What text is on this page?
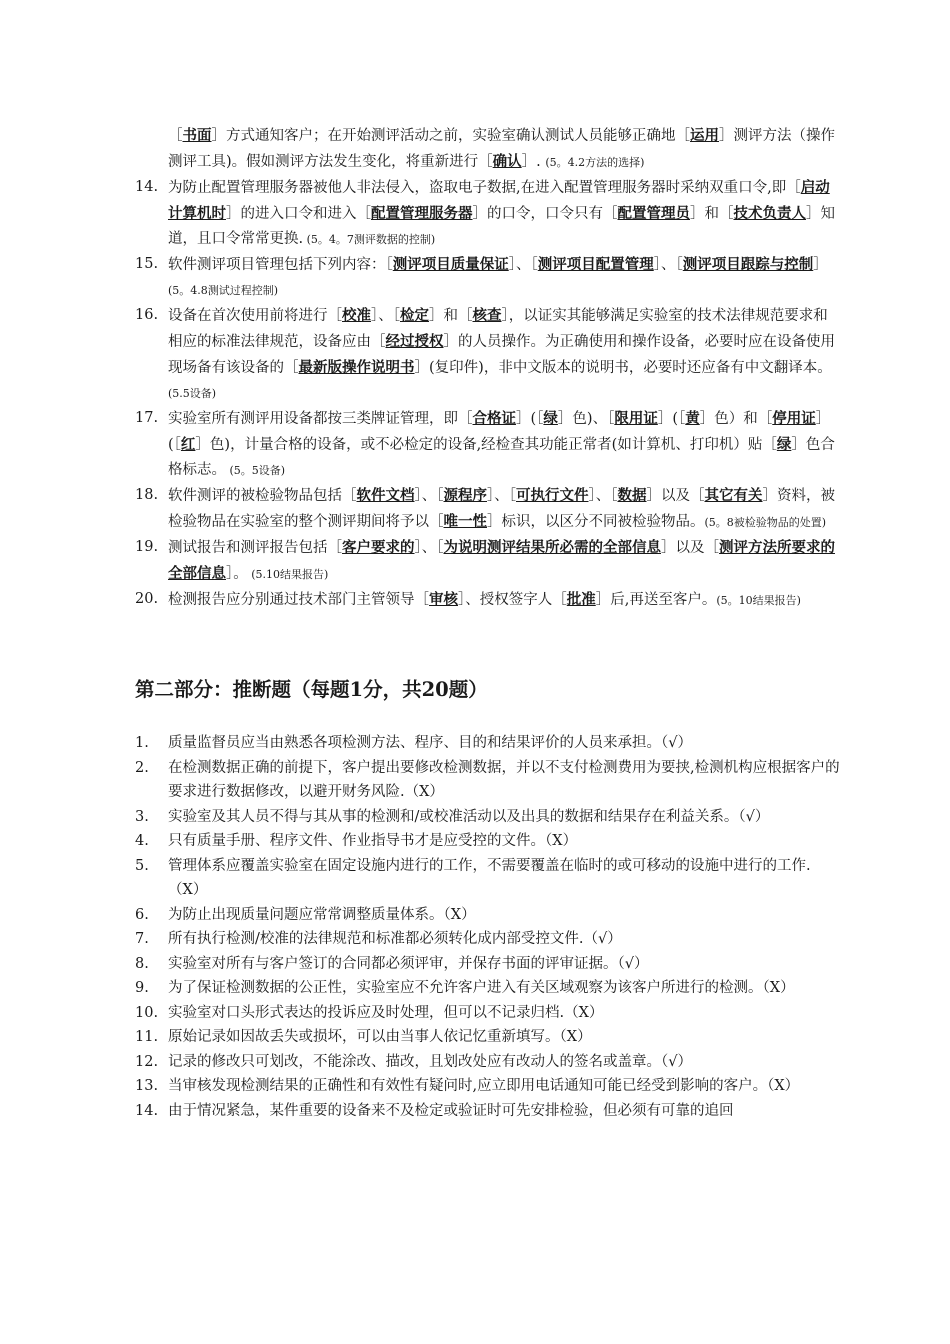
［书面］方式通知客户；在开始测评活动之前，实验室确认测试人员能够正确地［运用］测评方法（操作测评工具)。假如测评方法发生变化，将重新进行［确认］. (5。4.2方法的选择)
14. 为防止配置管理服务器被他人非法侵入，盗取电子数据,在进入配置管理服务器时采纳双重口令,即［启动计算机时］的进入口令和进入［配置管理服务器］的口令，口令只有［配置管理员］和［技术负责人］知道，且口令常常更换. (5。4。7测评数据的控制)
15. 软件测评项目管理包括下列内容：［测评项目质量保证］、［测评项目配置管理］、［测评项目跟踪与控制］ (5。4.8测试过程控制)
16. 设备在首次使用前将进行［校准］、［检定］和［核查］，以证实其能够满足实验室的技术法律规范要求和相应的标准法律规范，设备应由［经过授权］的人员操作。为正确使用和操作设备，必要时应在设备使用现场备有该设备的［最新版操作说明书］(复印件)，非中文版本的说明书，必要时还应备有中文翻译本。 (5.5设备)
17. 实验室所有测评用设备都按三类牌证管理，即［合格证］(［绿］色)、［限用证］(［黄］色）和［停用证］(［红］色)，计量合格的设备，或不必检定的设备,经检查其功能正常者(如计算机、打印机）贴［绿］色合格标志。 (5。5设备)
18. 软件测评的被检验物品包括［软件文档］、［源程序］、［可执行文件］、［数据］以及［其它有关］资料，被检验物品在实验室的整个测评期间将予以［唯一性］标识，以区分不同被检验物品。(5。8被检验物品的处置)
19. 测试报告和测评报告包括［客户要求的］、［为说明测评结果所必需的全部信息］以及［测评方法所要求的全部信息］。 (5.10结果报告)
20. 检测报告应分别通过技术部门主管领导［审核］、授权签字人［批准］后,再送至客户。(5。10结果报告)
第二部分：推断题（每题1分，共20题）
1.	质量监督员应当由熟悉各项检测方法、程序、目的和结果评价的人员来承担。（√）
2.	在检测数据正确的前提下，客户提出要修改检测数据，并以不支付检测费用为要挟,检测机构应根据客户的要求进行数据修改，以避开财务风险.（X）
3.	实验室及其人员不得与其从事的检测和/或校准活动以及出具的数据和结果存在利益关系。（√）
4.	只有质量手册、程序文件、作业指导书才是应受控的文件。（X）
5.	管理体系应覆盖实验室在固定设施内进行的工作，不需要覆盖在临时的或可移动的设施中进行的工作.（X）
6.	为防止出现质量问题应常常调整质量体系。（X）
7.	所有执行检测/校准的法律规范和标准都必须转化成内部受控文件.（√）
8.	实验室对所有与客户签订的合同都必须评审，并保存书面的评审证据。（√）
9.	为了保证检测数据的公正性，实验室应不允许客户进入有关区域观察为该客户所进行的检测。（X）
10. 实验室对口头形式表达的投诉应及时处理，但可以不记录归档.（X）
11. 原始记录如因故丢失或损坏，可以由当事人依记忆重新填写。（X）
12. 记录的修改只可划改，不能涂改、描改，且划改处应有改动人的签名或盖章。（√）
13. 当审核发现检测结果的正确性和有效性有疑问时,应立即用电话通知可能已经受到影响的客户。（X）
14. 由于情况紧急，某件重要的设备来不及检定或验证时可先安排检验，但必须有可靠的追回
